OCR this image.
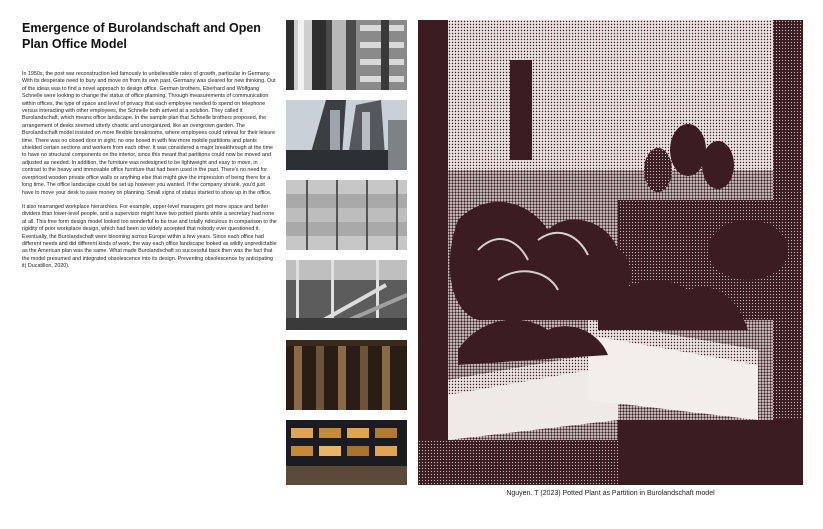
Emergence of Burolandschaft and Open Plan Office Model

In 1950s, the post war reconstruction led famously to unbelievable rates of growth, particular in Germany. With its desperate need to bury and move on from its own past, Germany was cleared for new thinking. Out of the ideas was to find a novel approach to design office. German brothers, Eberhard and Wolfgang Schnelle were looking to change the status of office planning. Through measurements of communication within offices, the type of space and level of privacy that each employee needed to spend on telephone versus interacting with other employees, the Schnelle both arrived at a solution. They called it Burolandschaft, which means office landscape. In the sample plan that Schnelle brothers proposed, the arrangement of desks seemed utterly chaotic and unorganized, like an overgrown garden. The Burolandschaft model insisted on more flexible breakrooms, where employees could retreat for their leisure time. There was no closed door in sight, no one boxed in with few more mobile partitions and plants shielded certain sections and workers from each other. It was considered a major breakthrough at the time to have no structural components on the interior, since this meant that partitions could now be moved and adjusted as needed. In addition, the furniture was redesigned to be lightweight and easy to move, in contrast to the heavy and immovable office furniture that had been used in the past. There's no need for overpriced wooden private office walls or anything else that might give the impression of being there for a long time. The office landscape could be set up however you wanted. If the company shrank, you'd just have to move your desk to save money on planning. Small signs of status started to show up in the office.

It also rearranged workplace hierarchies. For example, upper-level managers got more space and better dividers than lower-level people, and a supervisor might have two potted plants while a secretary had none at all. This free form design model looked too wonderful to be true and totally ridiculous in comparison to the rigidity of prior workplace design, which had been so widely accepted that nobody ever questioned it. Eventually, the Burolandschaft were blooming across Europe within a few years. Since each office had different needs and did different kinds of work, the way each office landscape looked as wildly unpredictable as the American plan was the same. What made Burolandschaft so successful back then was the fact that the model presumed and integrated obsolescence into its design. Preventing obsolescence by anticipating it( Ducatillon, 2020).

Nguyen. T (2023) Potted Plant as Partition in Burolandschaft model
